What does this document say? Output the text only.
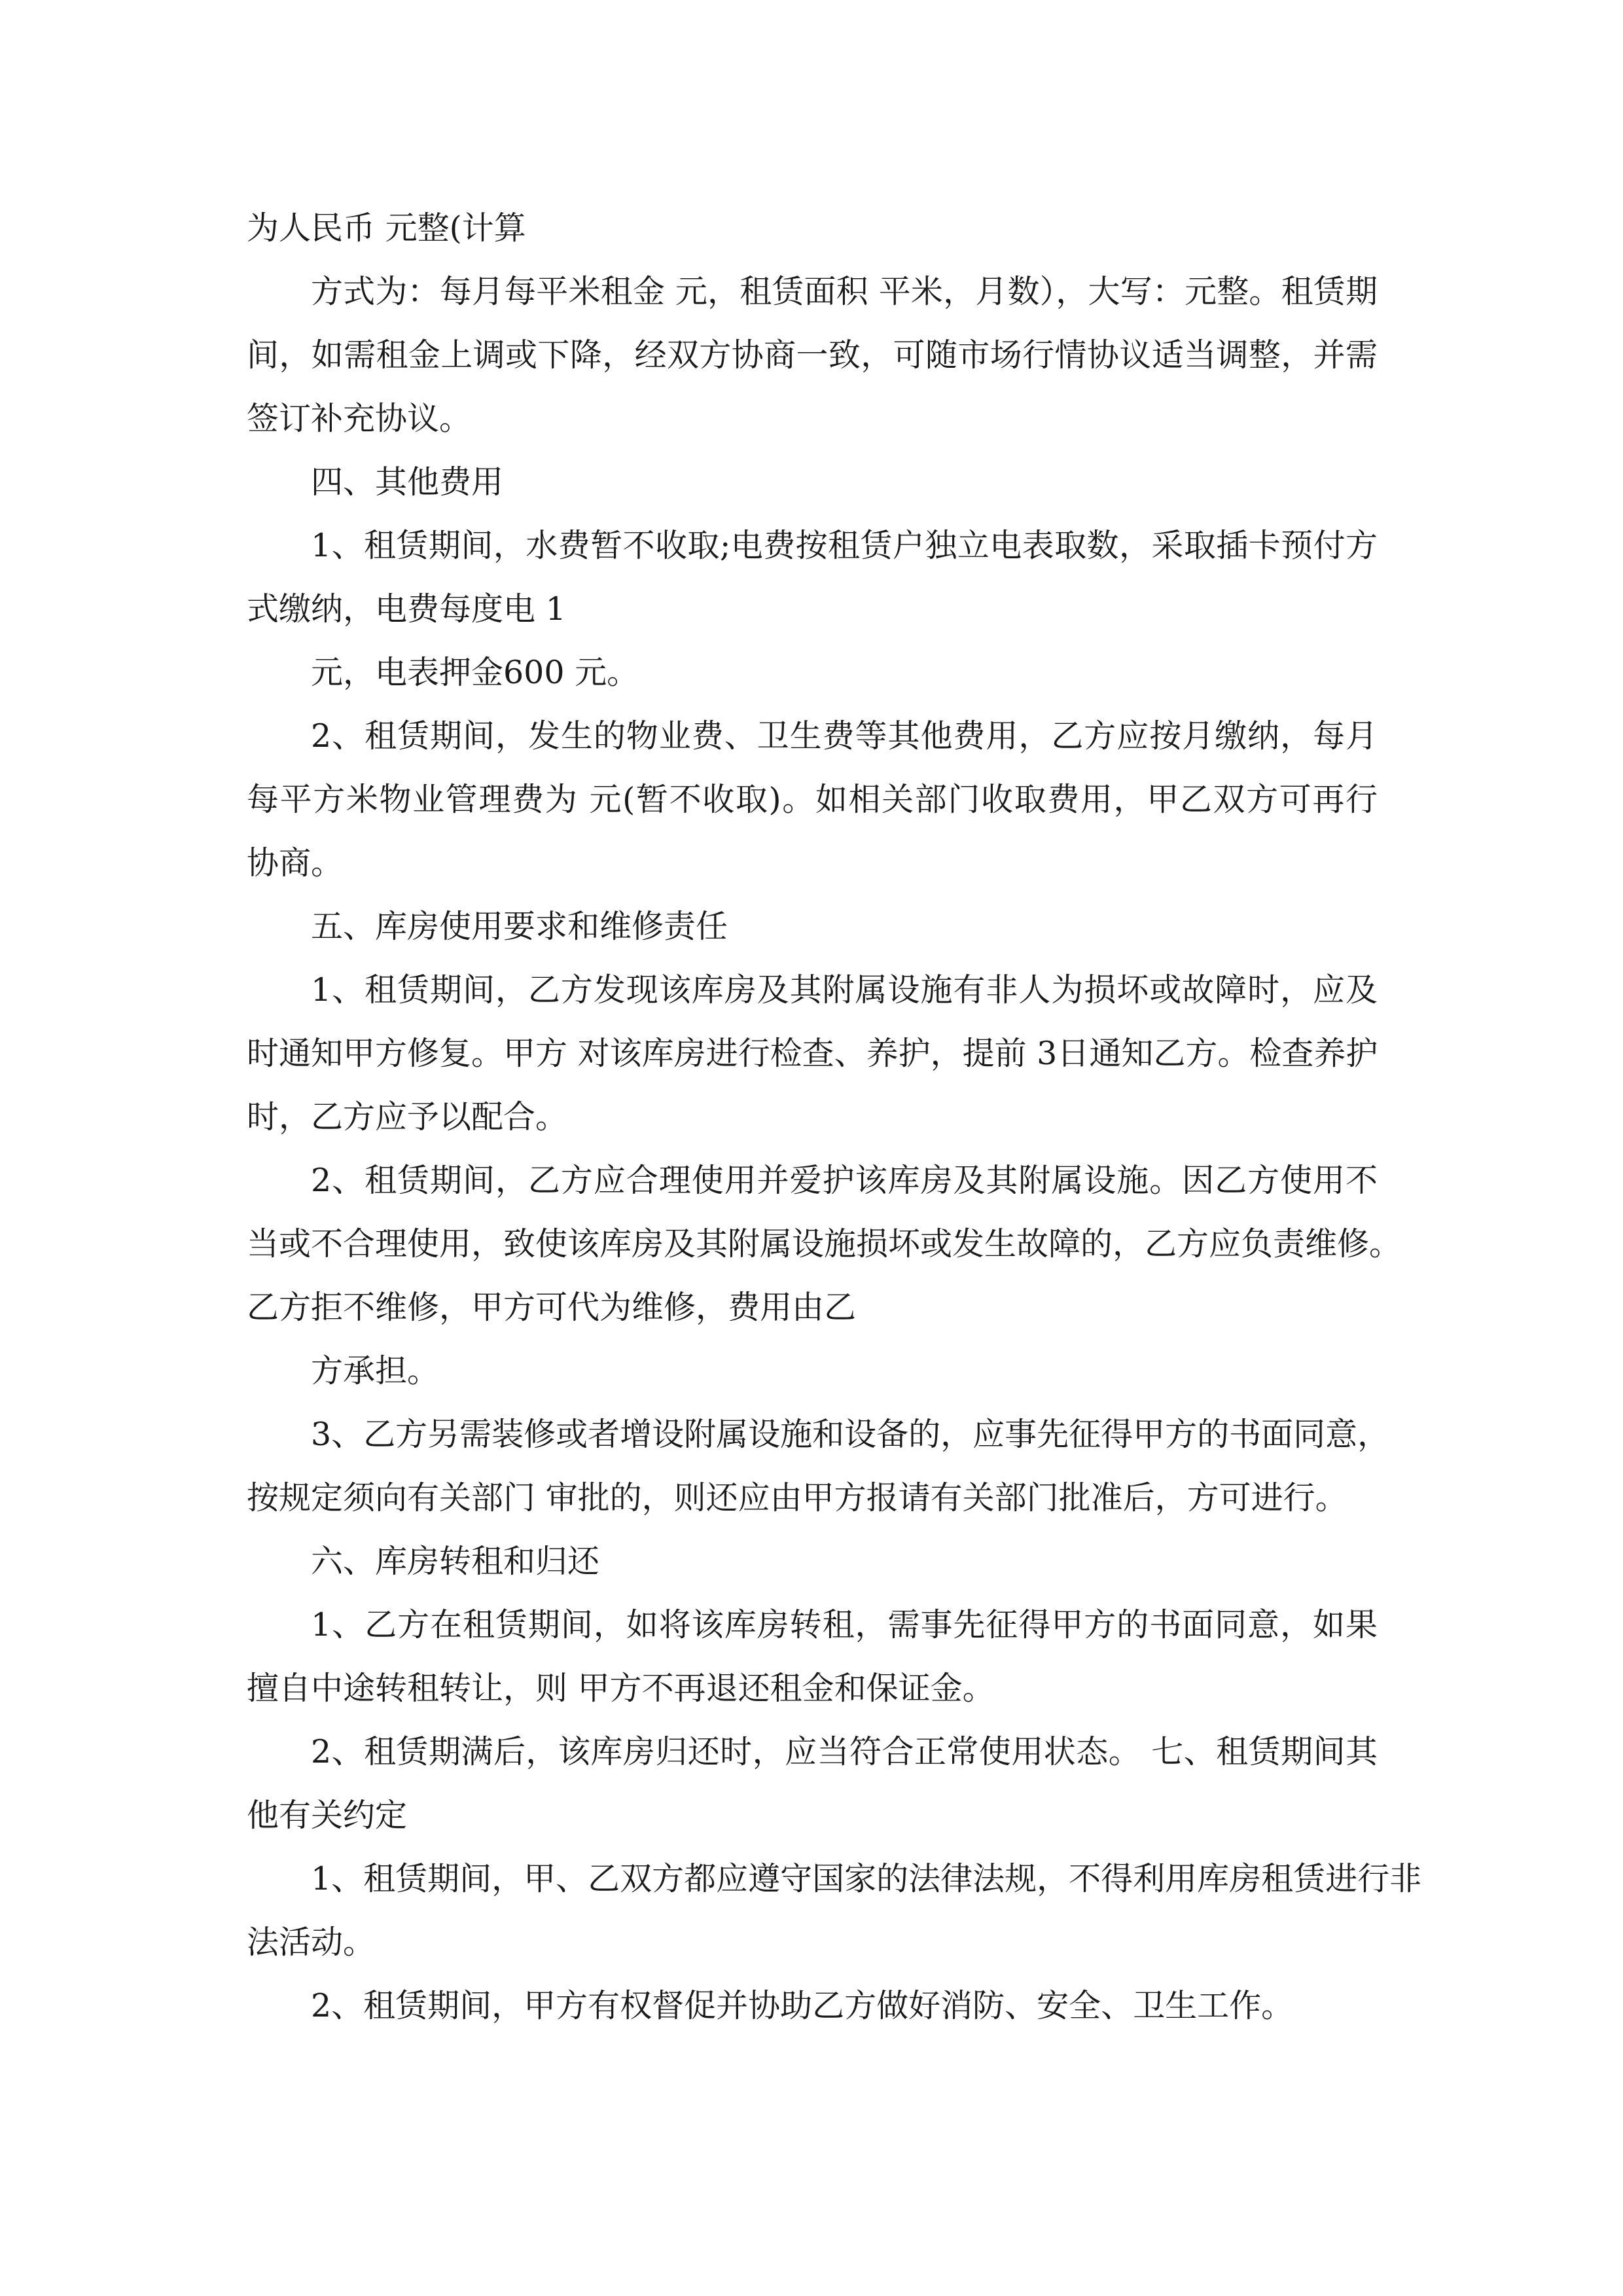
为人民币 元整(计算
方式为：每月每平米租金 元，租赁面积 平米，月数），大写：元整。租赁期
间，如需租金上调或下降，经双方协商一致，可随市场行情协议适当调整，并需
签订补充协议。
四、其他费用
1、租赁期间，水费暂不收取;电费按租赁户独立电表取数，采取插卡预付方
式缴纳，电费每度电 1
元，电表押金600 元。
2、租赁期间，发生的物业费、卫生费等其他费用，乙方应按月缴纳，每月
每平方米物业管理费为 元(暂不收取)。如相关部门收取费用，甲乙双方可再行
协商。
五、库房使用要求和维修责任
1、租赁期间，乙方发现该库房及其附属设施有非人为损坏或故障时，应及
时通知甲方修复。甲方 对该库房进行检查、养护，提前 3日通知乙方。检查养护
时，乙方应予以配合。
2、租赁期间，乙方应合理使用并爱护该库房及其附属设施。因乙方使用不
当或不合理使用，致使该库房及其附属设施损坏或发生故障的，乙方应负责维修。
乙方拒不维修，甲方可代为维修，费用由乙
方承担。
3、乙方另需装修或者增设附属设施和设备的，应事先征得甲方的书面同意，
按规定须向有关部门 审批的，则还应由甲方报请有关部门批准后，方可进行。
六、库房转租和归还
1、乙方在租赁期间，如将该库房转租，需事先征得甲方的书面同意，如果
擅自中途转租转让，则 甲方不再退还租金和保证金。
2、租赁期满后，该库房归还时，应当符合正常使用状态。 七、租赁期间其
他有关约定
1、租赁期间，甲、乙双方都应遵守国家的法律法规，不得利用库房租赁进行非
法活动。
2、租赁期间，甲方有权督促并协助乙方做好消防、安全、卫生工作。
